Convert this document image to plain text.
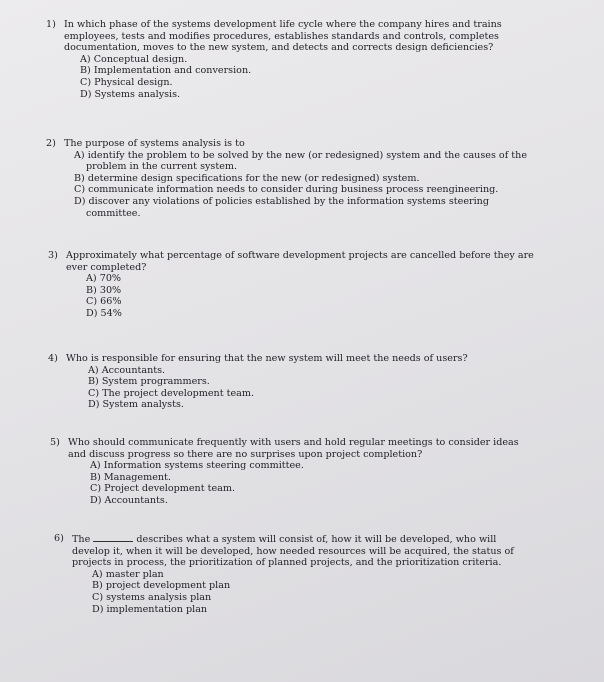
1) In which phase of the systems development life cycle where the company hires and trains employees, tests and modifies procedures, establishes standards and controls, completes documentation, moves to the new system, and detects and corrects design deficiencies?
A) Conceptual design.
B) Implementation and conversion.
C) Physical design.
D) Systems analysis.
2) The purpose of systems analysis is to
A) identify the problem to be solved by the new (or redesigned) system and the causes of the problem in the current system.
B) determine design specifications for the new (or redesigned) system.
C) communicate information needs to consider during business process reengineering.
D) discover any violations of policies established by the information systems steering committee.
3) Approximately what percentage of software development projects are cancelled before they are ever completed?
A) 70%
B) 30%
C) 66%
D) 54%
4) Who is responsible for ensuring that the new system will meet the needs of users?
A) Accountants.
B) System programmers.
C) The project development team.
D) System analysts.
5) Who should communicate frequently with users and hold regular meetings to consider ideas and discuss progress so there are no surprises upon project completion?
A) Information systems steering committee.
B) Management.
C) Project development team.
D) Accountants.
6) The	describes what a system will consist of, how it will be developed, who will develop it, when it will be developed, how needed resources will be acquired, the status of projects in process, the prioritization of planned projects, and the prioritization criteria.
A) master plan
B) project development plan
C) systems analysis plan
D) implementation plan
